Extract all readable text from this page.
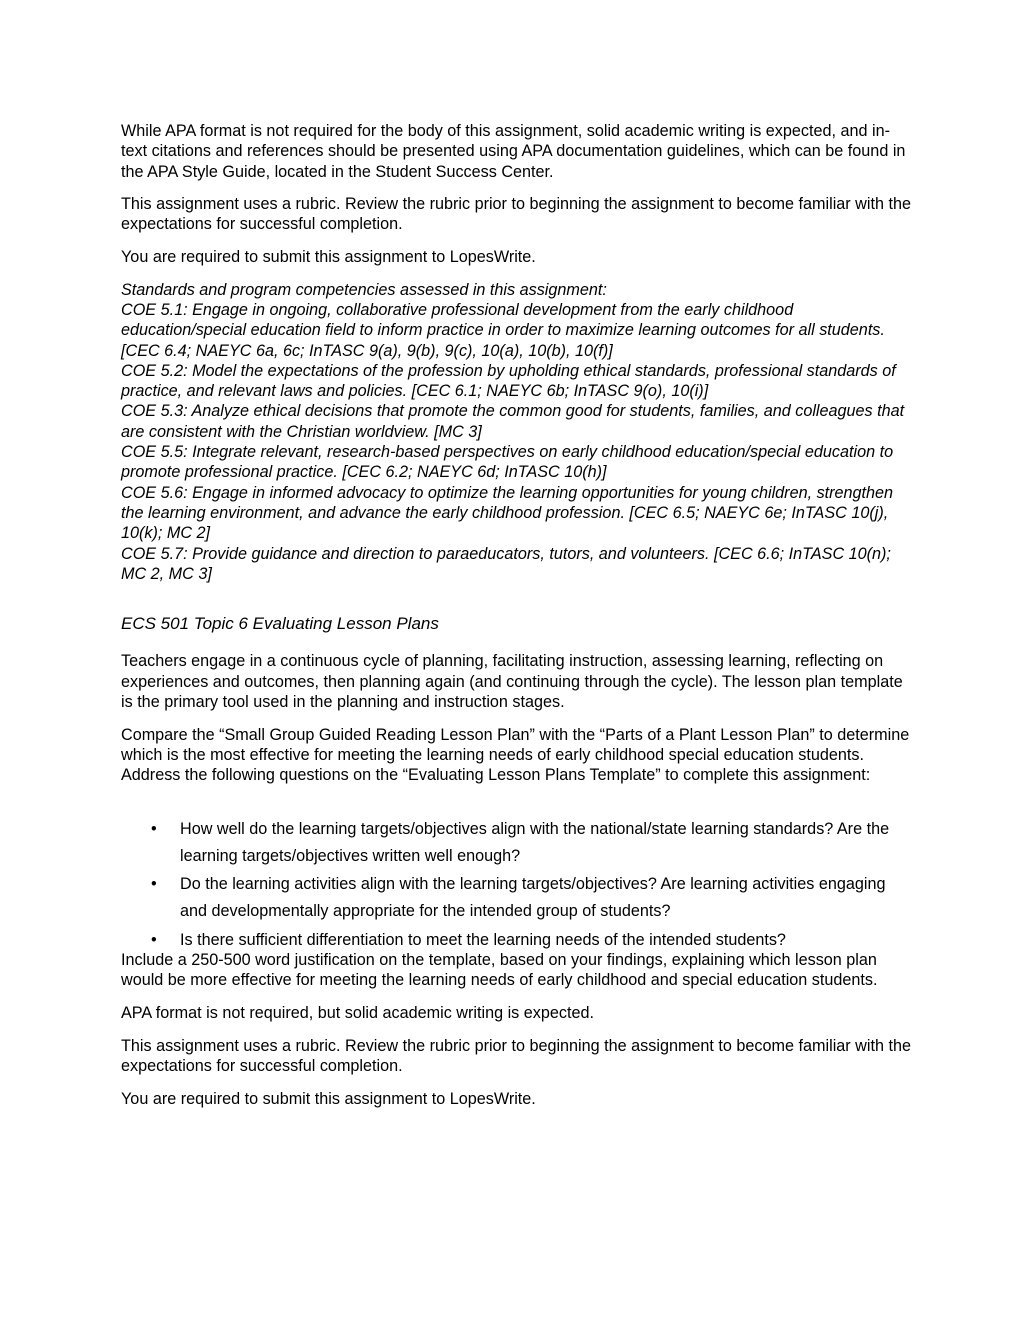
While APA format is not required for the body of this assignment, solid academic writing is expected, and in-text citations and references should be presented using APA documentation guidelines, which can be found in the APA Style Guide, located in the Student Success Center.

This assignment uses a rubric. Review the rubric prior to beginning the assignment to become familiar with the expectations for successful completion.

You are required to submit this assignment to LopesWrite.

Standards and program competencies assessed in this assignment:

COE 5.1: Engage in ongoing, collaborative professional development from the early childhood education/special education field to inform practice in order to maximize learning outcomes for all students. [CEC 6.4; NAEYC 6a, 6c; InTASC 9(a), 9(b), 9(c), 10(a), 10(b), 10(f)]

COE 5.2: Model the expectations of the profession by upholding ethical standards, professional standards of practice, and relevant laws and policies. [CEC 6.1; NAEYC 6b; InTASC 9(o), 10(i)]

COE 5.3: Analyze ethical decisions that promote the common good for students, families, and colleagues that are consistent with the Christian worldview. [MC 3]

COE 5.5: Integrate relevant, research-based perspectives on early childhood education/special education to promote professional practice. [CEC 6.2; NAEYC 6d; InTASC 10(h)]

COE 5.6: Engage in informed advocacy to optimize the learning opportunities for young children, strengthen the learning environment, and advance the early childhood profession. [CEC 6.5; NAEYC 6e; InTASC 10(j), 10(k); MC 2]

COE 5.7: Provide guidance and direction to paraeducators, tutors, and volunteers. [CEC 6.6; InTASC 10(n); MC 2, MC 3]

ECS 501 Topic 6 Evaluating Lesson Plans

Teachers engage in a continuous cycle of planning, facilitating instruction, assessing learning, reflecting on experiences and outcomes, then planning again (and continuing through the cycle). The lesson plan template is the primary tool used in the planning and instruction stages.

Compare the “Small Group Guided Reading Lesson Plan” with the “Parts of a Plant Lesson Plan” to determine which is the most effective for meeting the learning needs of early childhood special education students. Address the following questions on the “Evaluating Lesson Plans Template” to complete this assignment:

• How well do the learning targets/objectives align with the national/state learning standards? Are the learning targets/objectives written well enough?
• Do the learning activities align with the learning targets/objectives? Are learning activities engaging and developmentally appropriate for the intended group of students?
• Is there sufficient differentiation to meet the learning needs of the intended students?

Include a 250-500 word justification on the template, based on your findings, explaining which lesson plan would be more effective for meeting the learning needs of early childhood and special education students.

APA format is not required, but solid academic writing is expected.

This assignment uses a rubric. Review the rubric prior to beginning the assignment to become familiar with the expectations for successful completion.

You are required to submit this assignment to LopesWrite.
